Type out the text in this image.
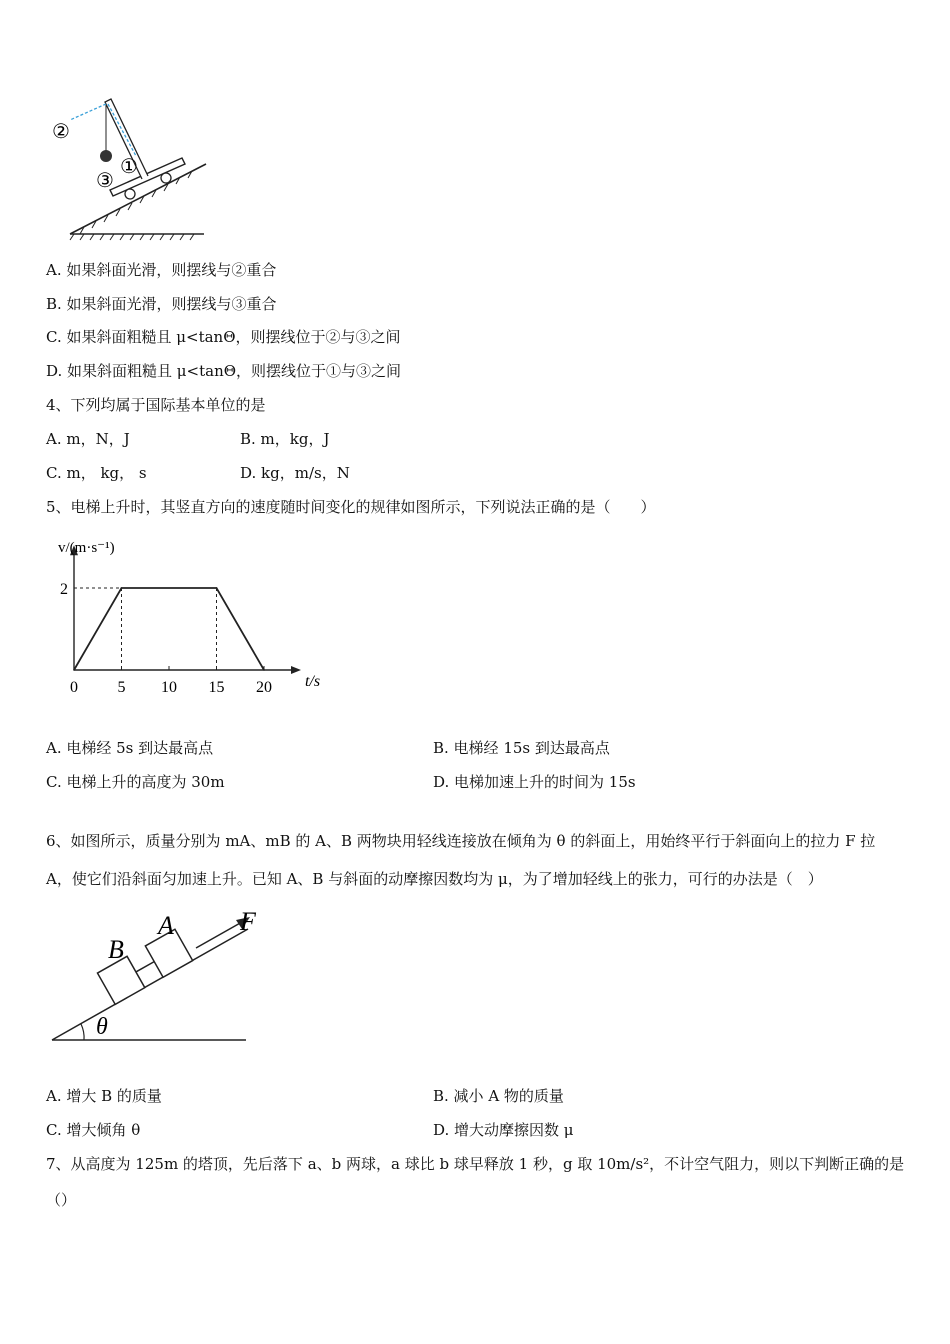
②
③
①
A. 如果斜面光滑，则摆线与②重合
B. 如果斜面光滑，则摆线与③重合
C. 如果斜面粗糙且 μ<tanΘ，则摆线位于②与③之间
D. 如果斜面粗糙且 μ<tanΘ，则摆线位于①与③之间
4、下列均属于国际基本单位的是
A. m，N，J	B. m，kg，J
C. m， kg， s	D. kg，m/s，N
5、电梯上升时，其竖直方向的速度随时间变化的规律如图所示，下列说法正确的是（　　）
v/(m·s⁻¹)
t/s
0 5 10 15 20
2
A. 电梯经 5s 到达最高点	B. 电梯经 15s 到达最高点
C. 电梯上升的高度为 30m	D. 电梯加速上升的时间为 15s
6、如图所示，质量分别为 mA、mB 的 A、B 两物块用轻线连接放在倾角为 θ 的斜面上，用始终平行于斜面向上的拉力 F 拉
A，使它们沿斜面匀加速上升。已知 A、B 与斜面的动摩擦因数均为 μ，为了增加轻线上的张力，可行的办法是（　）
θ
B
A	F
A. 增大 B 的质量	B. 减小 A 物的质量
C. 增大倾角 θ	D. 增大动摩擦因数 μ
7、从高度为 125m 的塔顶，先后落下 a、b 两球，a 球比 b 球早释放 1 秒，g 取 10m/s²，不计空气阻力，则以下判断正确的是
（）
